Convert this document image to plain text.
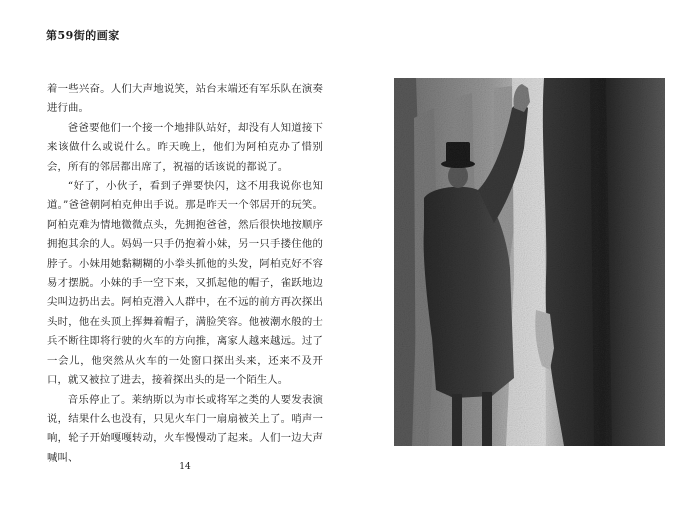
第59街的画家

着一些兴奋。人们大声地说笑，站台末端还有军乐队在演奏进行曲。

爸爸要他们一个接一个地排队站好，却没有人知道接下来该做什么或说什么。昨天晚上，他们为阿柏克办了惜别会，所有的邻居都出席了，祝福的话该说的都说了。

“好了，小伙子，看到子弹要快闪，这不用我说你也知道。”爸爸朝阿柏克伸出手说。那是昨天一个邻居开的玩笑。阿柏克难为情地微微点头，先拥抱爸爸，然后很快地按顺序拥抱其余的人。妈妈一只手仍抱着小妹，另一只手搂住他的脖子。小妹用她黏糊糊的小拳头抓他的头发，阿柏克好不容易才摆脱。小妹的手一空下来，又抓起他的帽子，雀跃地边尖叫边扔出去。阿柏克潜入人群中，在不远的前方再次探出头时，他在头顶上挥舞着帽子，满脸笑容。他被潮水般的士兵不断往即将行驶的火车的方向推，离家人越来越远。过了一会儿，他突然从火车的一处窗口探出头来，还来不及开口，就又被拉了进去，接着探出头的是一个陌生人。

音乐停止了。莱纳斯以为市长或将军之类的人要发表演说，结果什么也没有，只见火车门一扇扇被关上了。哨声一响，轮子开始嘎嘎转动，火车慢慢动了起来。人们一边大声喊叫、

14
